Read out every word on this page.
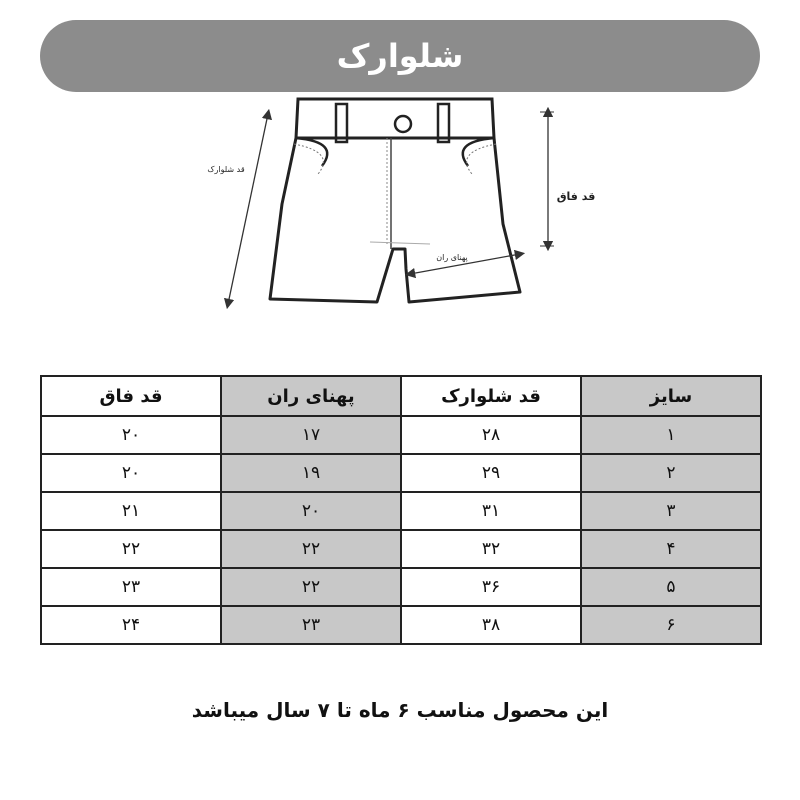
شلوارک
قد شلوارک
قد فاق
پهنای ران
سایز	قد شلوارک	پهنای ران	قد فاق
۱	۲۸	۱۷	۲۰
۲	۲۹	۱۹	۲۰
۳	۳۱	۲۰	۲۱
۴	۳۲	۲۲	۲۲
۵	۳۶	۲۲	۲۳
۶	۳۸	۲۳	۲۴
این محصول مناسب ۶ ماه تا ۷ سال میباشد
